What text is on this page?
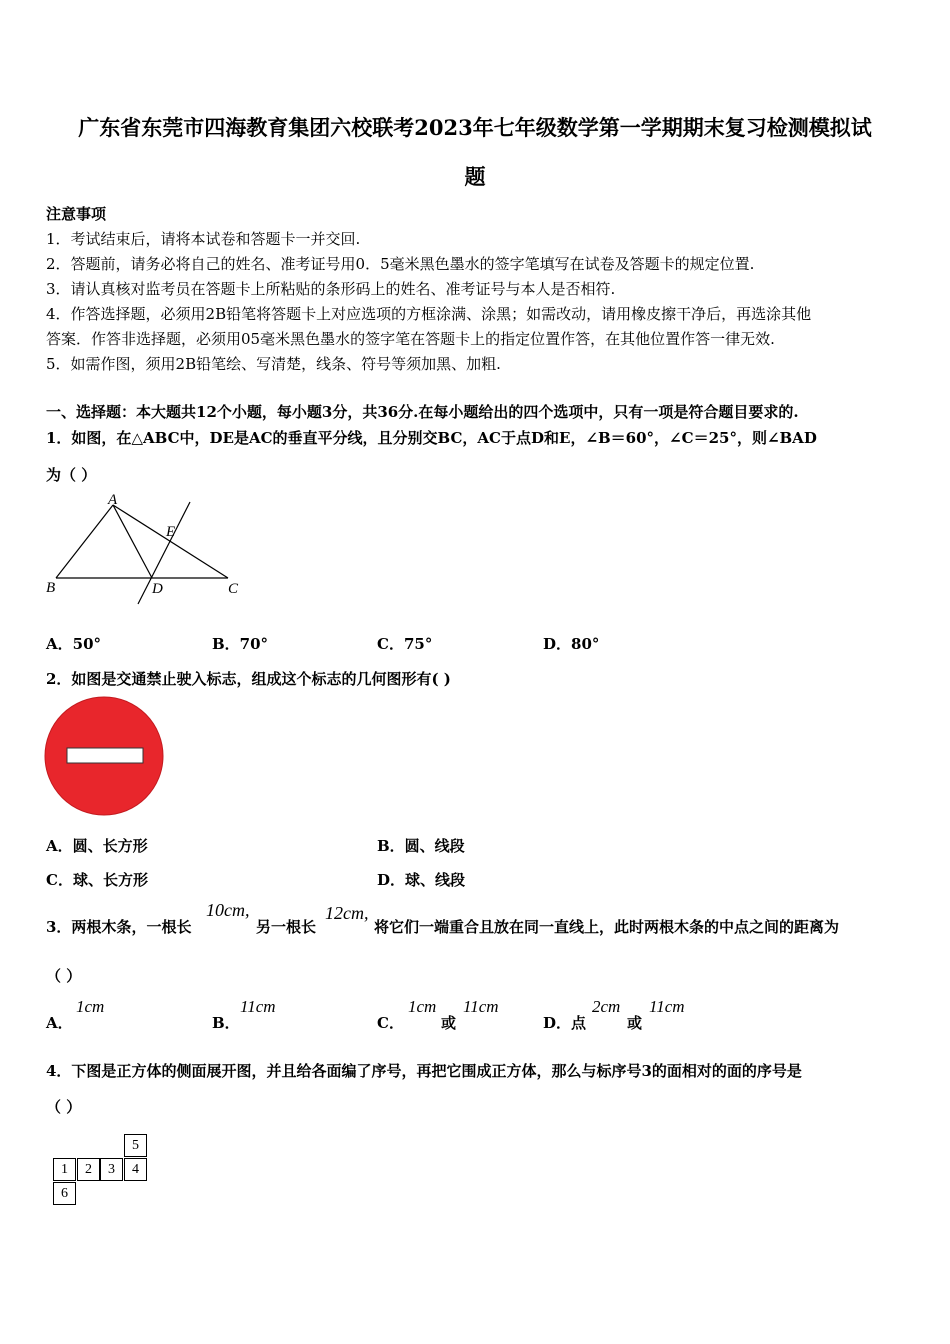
广东省东莞市四海教育集团六校联考2023年七年级数学第一学期期末复习检测模拟试
题
注意事项
1．考试结束后，请将本试卷和答题卡一并交回.
2．答题前，请务必将自己的姓名、准考证号用0．5毫米黑色墨水的签字笔填写在试卷及答题卡的规定位置.
3．请认真核对监考员在答题卡上所粘贴的条形码上的姓名、准考证号与本人是否相符.
4．作答选择题，必须用2B铅笔将答题卡上对应选项的方框涂满、涂黑；如需改动，请用橡皮擦干净后，再选涂其他
答案．作答非选择题，必须用05毫米黑色墨水的签字笔在答题卡上的指定位置作答，在其他位置作答一律无效.
5．如需作图，须用2B铅笔绘、写清楚，线条、符号等须加黑、加粗.
一、选择题：本大题共12个小题，每小题3分，共36分.在每小题给出的四个选项中，只有一项是符合题目要求的.
1．如图，在△ABC中，DE是AC的垂直平分线，且分别交BC，AC于点D和E，∠B＝60°，∠C＝25°，则∠BAD
为（ ）
A
B	C
D
E
A．50°	B．70°	C．75°	D．80°
2．如图是交通禁止驶入标志，组成这个标志的几何图形有( )
A．圆、长方形	B．圆、线段
C．球、长方形	D．球、线段
3．两根木条，一根长
10cm,
另一根长
12cm,
将它们一端重合且放在同一直线上，此时两根木条的中点之间的距离为
（ ）
A．
1cm
B．
11cm
C．
1cm
或
11cm
D．点
2cm
或
11cm
4．下图是正方体的侧面展开图，并且给各面编了序号，再把它围成正方体，那么与标序号3的面相对的面的序号是
（ ）
5
1	2	3	4
6
